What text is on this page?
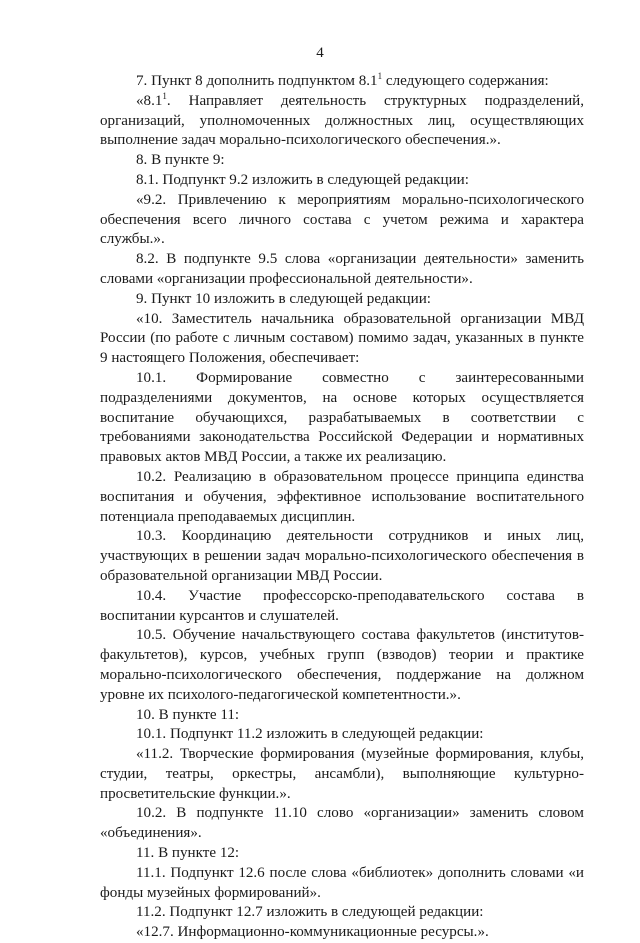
4

7. Пункт 8 дополнить подпунктом $8.1^1$ следующего содержания:

«$8.1^1$. Направляет деятельность структурных подразделений, организаций, уполномоченных должностных лиц, осуществляющих выполнение задач морально-психологического обеспечения.».

8. В пункте 9:

8.1. Подпункт 9.2 изложить в следующей редакции:

«9.2. Привлечению к мероприятиям морально-психологического обеспечения всего личного состава с учетом режима и характера службы.».

8.2. В подпункте 9.5 слова «организации деятельности» заменить словами «организации профессиональной деятельности».

9. Пункт 10 изложить в следующей редакции:

«10. Заместитель начальника образовательной организации МВД России (по работе с личным составом) помимо задач, указанных в пункте 9 настоящего Положения, обеспечивает:

10.1. Формирование совместно с заинтересованными подразделениями документов, на основе которых осуществляется воспитание обучающихся, разрабатываемых в соответствии с требованиями законодательства Российской Федерации и нормативных правовых актов МВД России, а также их реализацию.

10.2. Реализацию в образовательном процессе принципа единства воспитания и обучения, эффективное использование воспитательного потенциала преподаваемых дисциплин.

10.3. Координацию деятельности сотрудников и иных лиц, участвующих в решении задач морально-психологического обеспечения в образовательной организации МВД России.

10.4. Участие профессорско-преподавательского состава в воспитании курсантов и слушателей.

10.5. Обучение начальствующего состава факультетов (институтов-факультетов), курсов, учебных групп (взводов) теории и практике морально-психологического обеспечения, поддержание на должном уровне их психолого-педагогической компетентности.».

10. В пункте 11:

10.1. Подпункт 11.2 изложить в следующей редакции:

«11.2. Творческие формирования (музейные формирования, клубы, студии, театры, оркестры, ансамбли), выполняющие культурно-просветительские функции.».

10.2. В подпункте 11.10 слово «организации» заменить словом «объединения».

11. В пункте 12:

11.1. Подпункт 12.6 после слова «библиотек» дополнить словами «и фонды музейных формирований».

11.2. Подпункт 12.7 изложить в следующей редакции:

«12.7. Информационно-коммуникационные ресурсы.».
